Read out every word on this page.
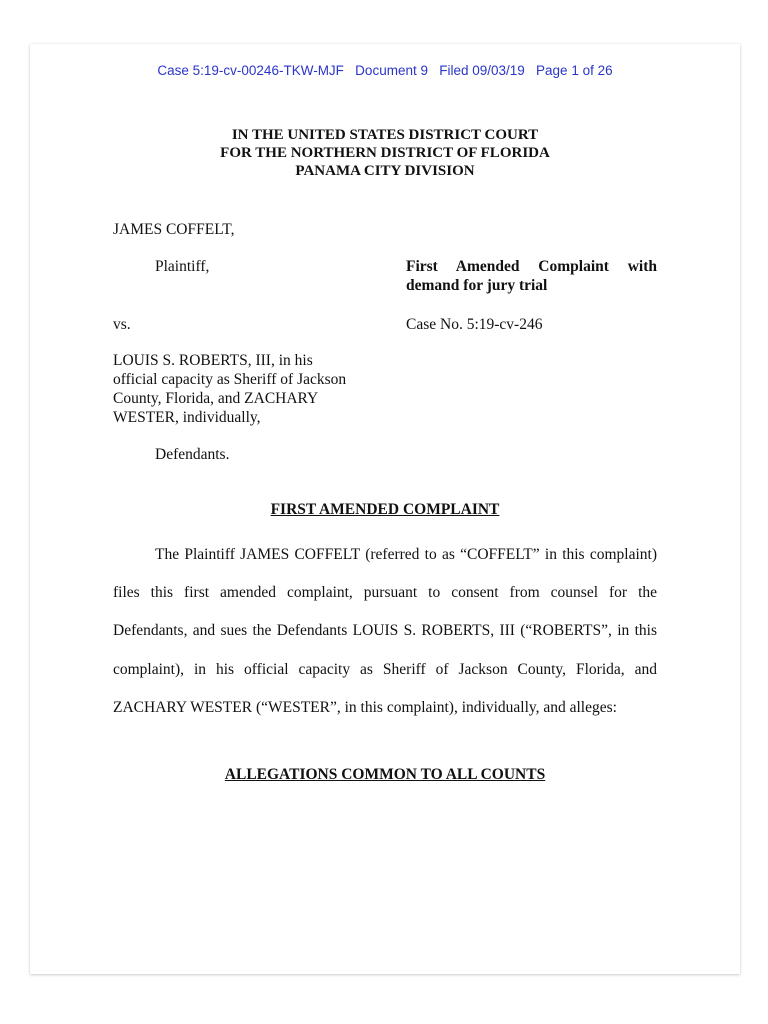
Case 5:19-cv-00246-TKW-MJF   Document 9   Filed 09/03/19   Page 1 of 26
IN THE UNITED STATES DISTRICT COURT
FOR THE NORTHERN DISTRICT OF FLORIDA
PANAMA CITY DIVISION
JAMES COFFELT,
Plaintiff,	First Amended Complaint with demand for jury trial
vs.	Case No. 5:19-cv-246
LOUIS S. ROBERTS, III, in his
official capacity as Sheriff of Jackson
County, Florida, and ZACHARY
WESTER, individually,
Defendants.
FIRST AMENDED COMPLAINT
The Plaintiff JAMES COFFELT (referred to as “COFFELT” in this complaint) files this first amended complaint, pursuant to consent from counsel for the Defendants, and sues the Defendants LOUIS S. ROBERTS, III (“ROBERTS”, in this complaint), in his official capacity as Sheriff of Jackson County, Florida, and ZACHARY WESTER (“WESTER”, in this complaint), individually, and alleges:
ALLEGATIONS COMMON TO ALL COUNTS
